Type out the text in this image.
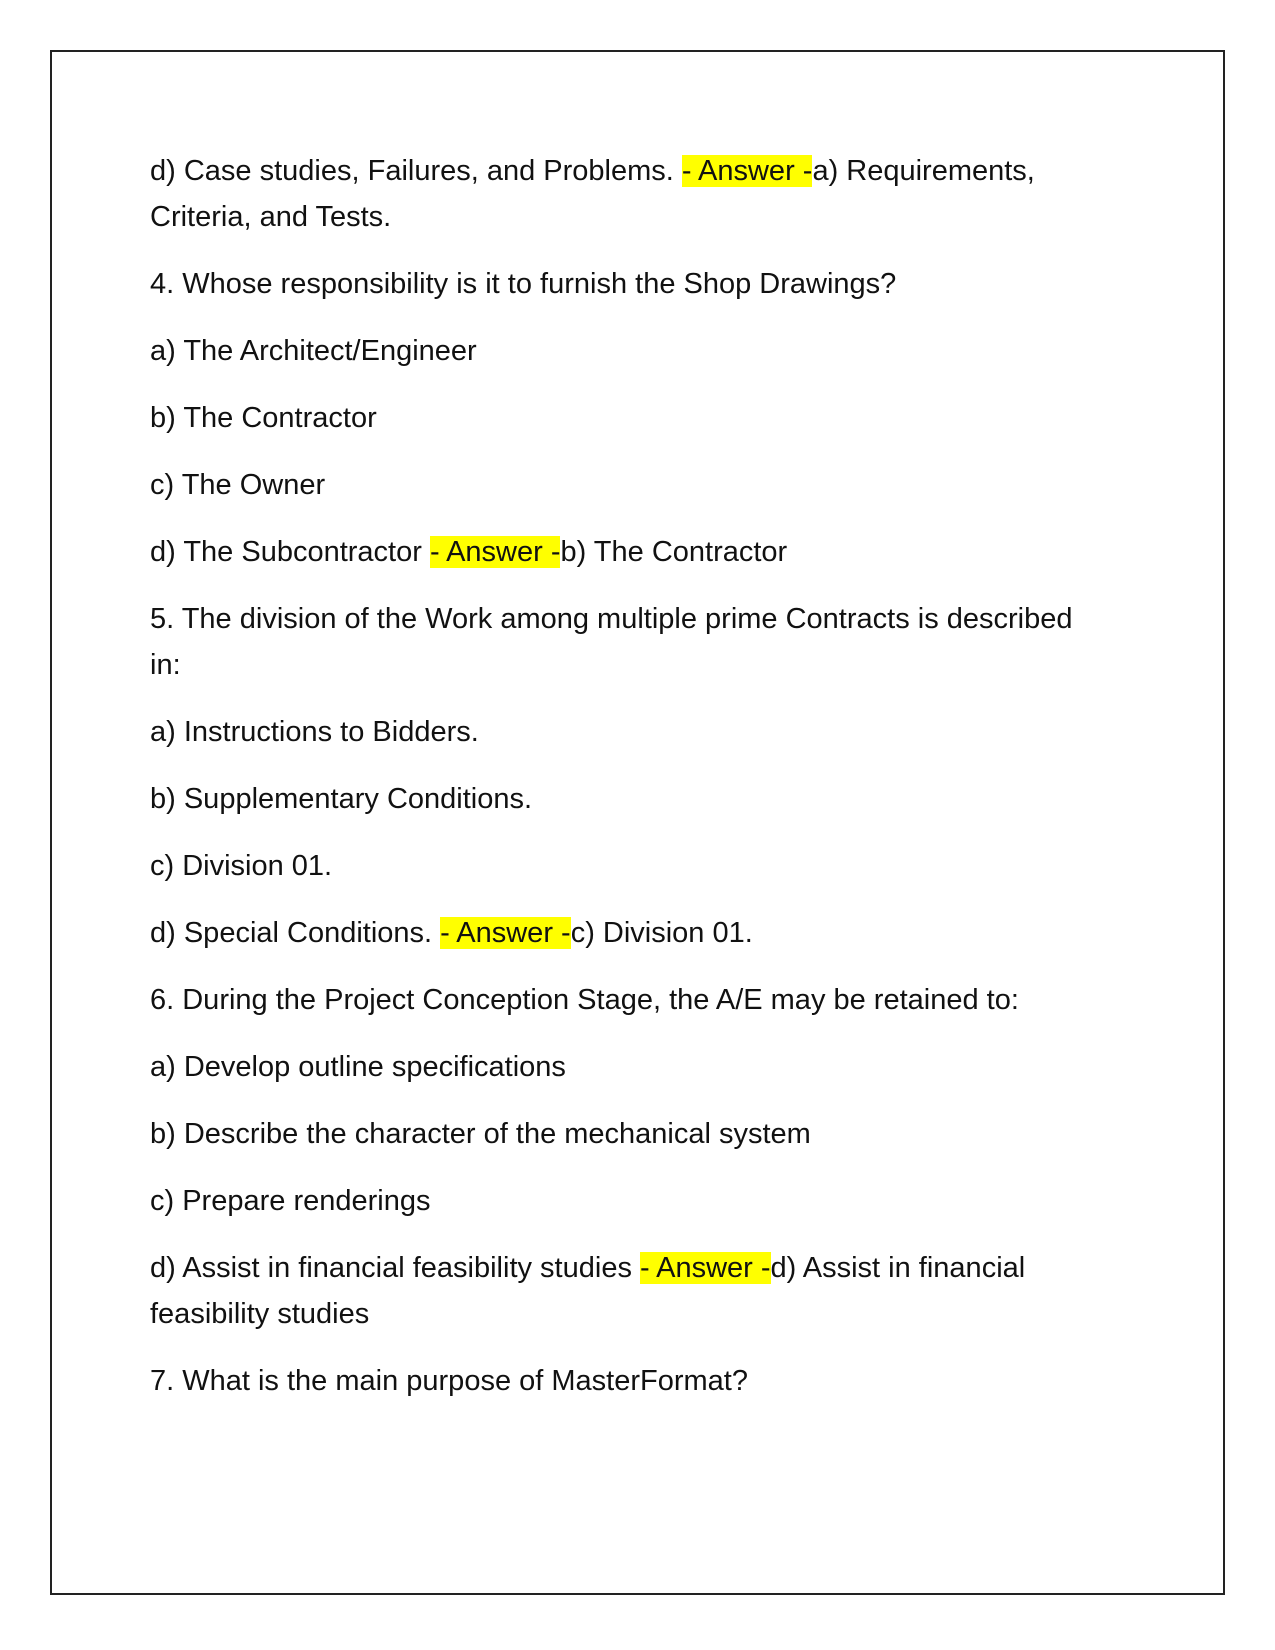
d) Case studies, Failures, and Problems. - Answer -a) Requirements, Criteria, and Tests.

4. Whose responsibility is it to furnish the Shop Drawings?

a) The Architect/Engineer

b) The Contractor

c) The Owner

d) The Subcontractor - Answer -b) The Contractor

5. The division of the Work among multiple prime Contracts is described in:

a) Instructions to Bidders.

b) Supplementary Conditions.

c) Division 01.

d) Special Conditions. - Answer -c) Division 01.

6. During the Project Conception Stage, the A/E may be retained to:

a) Develop outline specifications

b) Describe the character of the mechanical system

c) Prepare renderings

d) Assist in financial feasibility studies - Answer -d) Assist in financial feasibility studies

7. What is the main purpose of MasterFormat?
